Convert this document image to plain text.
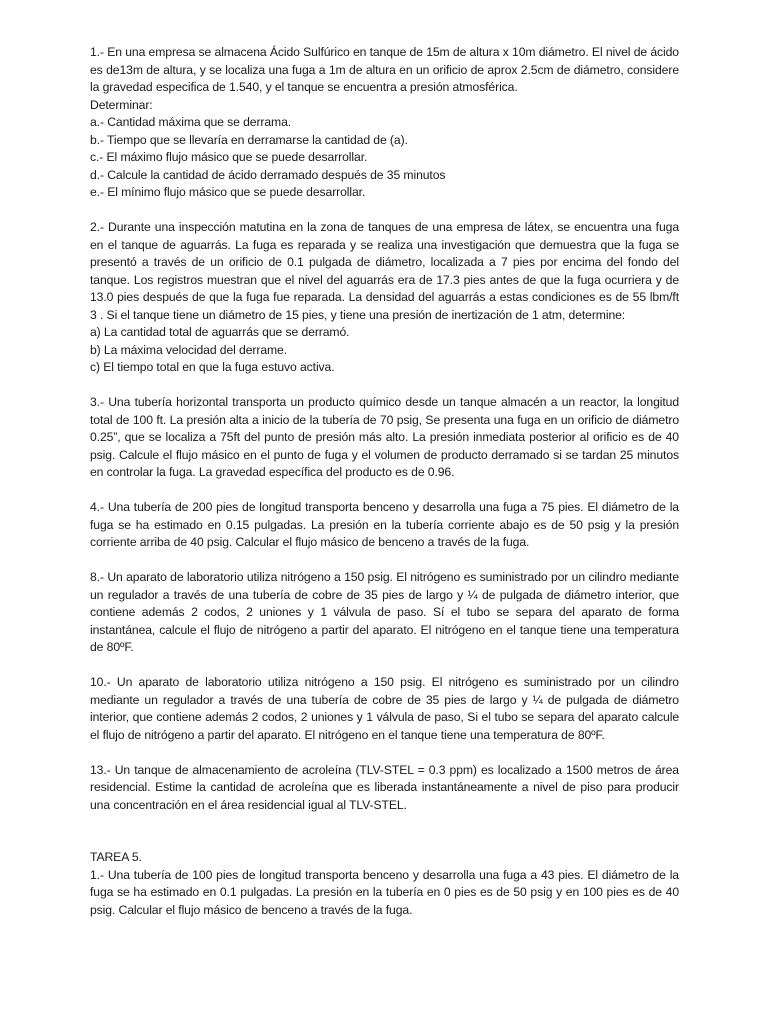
1.- En una empresa se almacena Ácido Sulfúrico en tanque de 15m de altura x 10m diámetro. El nivel de ácido es de13m de altura, y se localiza una fuga a 1m de altura en un orificio de aprox 2.5cm de diámetro, considere la gravedad especifica de 1.540, y el tanque se encuentra a presión atmosférica.

Determinar:
a.- Cantidad máxima que se derrama.
b.- Tiempo que se llevaría en derramarse la cantidad de (a).
c.- El máximo flujo másico que se puede desarrollar.
d.- Calcule la cantidad de ácido derramado después de 35 minutos
e.- El mínimo flujo másico que se puede desarrollar.

2.- Durante una inspección matutina en la zona de tanques de una empresa de látex, se encuentra una fuga en el tanque de aguarrás. La fuga es reparada y se realiza una investigación que demuestra que la fuga se presentó a través de un orificio de 0.1 pulgada de diámetro, localizada a 7 pies por encima del fondo del tanque. Los registros muestran que el nivel del aguarrás era de 17.3 pies antes de que la fuga ocurriera y de 13.0 pies después de que la fuga fue reparada. La densidad del aguarrás a estas condiciones es de 55 lbm/ft 3 . Si el tanque tiene un diámetro de 15 pies, y tiene una presión de inertización de 1 atm, determine:

a) La cantidad total de aguarrás que se derramó.
b) La máxima velocidad del derrame.
c) El tiempo total en que la fuga estuvo activa.

3.- Una tubería horizontal transporta un producto químico desde un tanque almacén a un reactor, la longitud total de 100 ft. La presión alta a inicio de la tubería de 70 psig, Se presenta una fuga en un orificio de diámetro 0.25”, que se localiza a 75ft del punto de presión más alto. La presión inmediata posterior al orificio es de 40 psig. Calcule el flujo másico en el punto de fuga y el volumen de producto derramado si se tardan 25 minutos en controlar la fuga. La gravedad específica del producto es de 0.96.

4.- Una tubería de 200 pies de longitud transporta benceno y desarrolla una fuga a 75 pies. El diámetro de la fuga se ha estimado en 0.15 pulgadas. La presión en la tubería corriente abajo es de 50 psig y la presión corriente arriba de 40 psig. Calcular el flujo másico de benceno a través de la fuga.

8.- Un aparato de laboratorio utiliza nitrógeno a 150 psig. El nitrógeno es suministrado por un cilindro mediante un regulador a través de una tubería de cobre de 35 pies de largo y ¼ de pulgada de diámetro interior, que contiene además 2 codos, 2 uniones y 1 válvula de paso. Sí el tubo se separa del aparato de forma instantánea, calcule el flujo de nitrógeno a partir del aparato. El nitrógeno en el tanque tiene una temperatura de 80ºF.

10.- Un aparato de laboratorio utiliza nitrógeno a 150 psig. El nitrógeno es suministrado por un cilindro mediante un regulador a través de una tubería de cobre de 35 pies de largo y ¼ de pulgada de diámetro interior, que contiene además 2 codos, 2 uniones y 1 válvula de paso, Si el tubo se separa del aparato calcule el flujo de nitrógeno a partir del aparato. El nitrógeno en el tanque tiene una temperatura de 80ºF.

13.- Un tanque de almacenamiento de acroleína (TLV-STEL = 0.3 ppm) es localizado a 1500 metros de área residencial. Estime la cantidad de acroleína que es liberada instantáneamente a nivel de piso para producir una concentración en el área residencial igual al TLV-STEL.

TAREA 5.

1.- Una tubería de 100 pies de longitud transporta benceno y desarrolla una fuga a 43 pies. El diámetro de la fuga se ha estimado en 0.1 pulgadas. La presión en la tubería en 0 pies es de 50 psig y en 100 pies es de 40 psig. Calcular el flujo másico de benceno a través de la fuga.
